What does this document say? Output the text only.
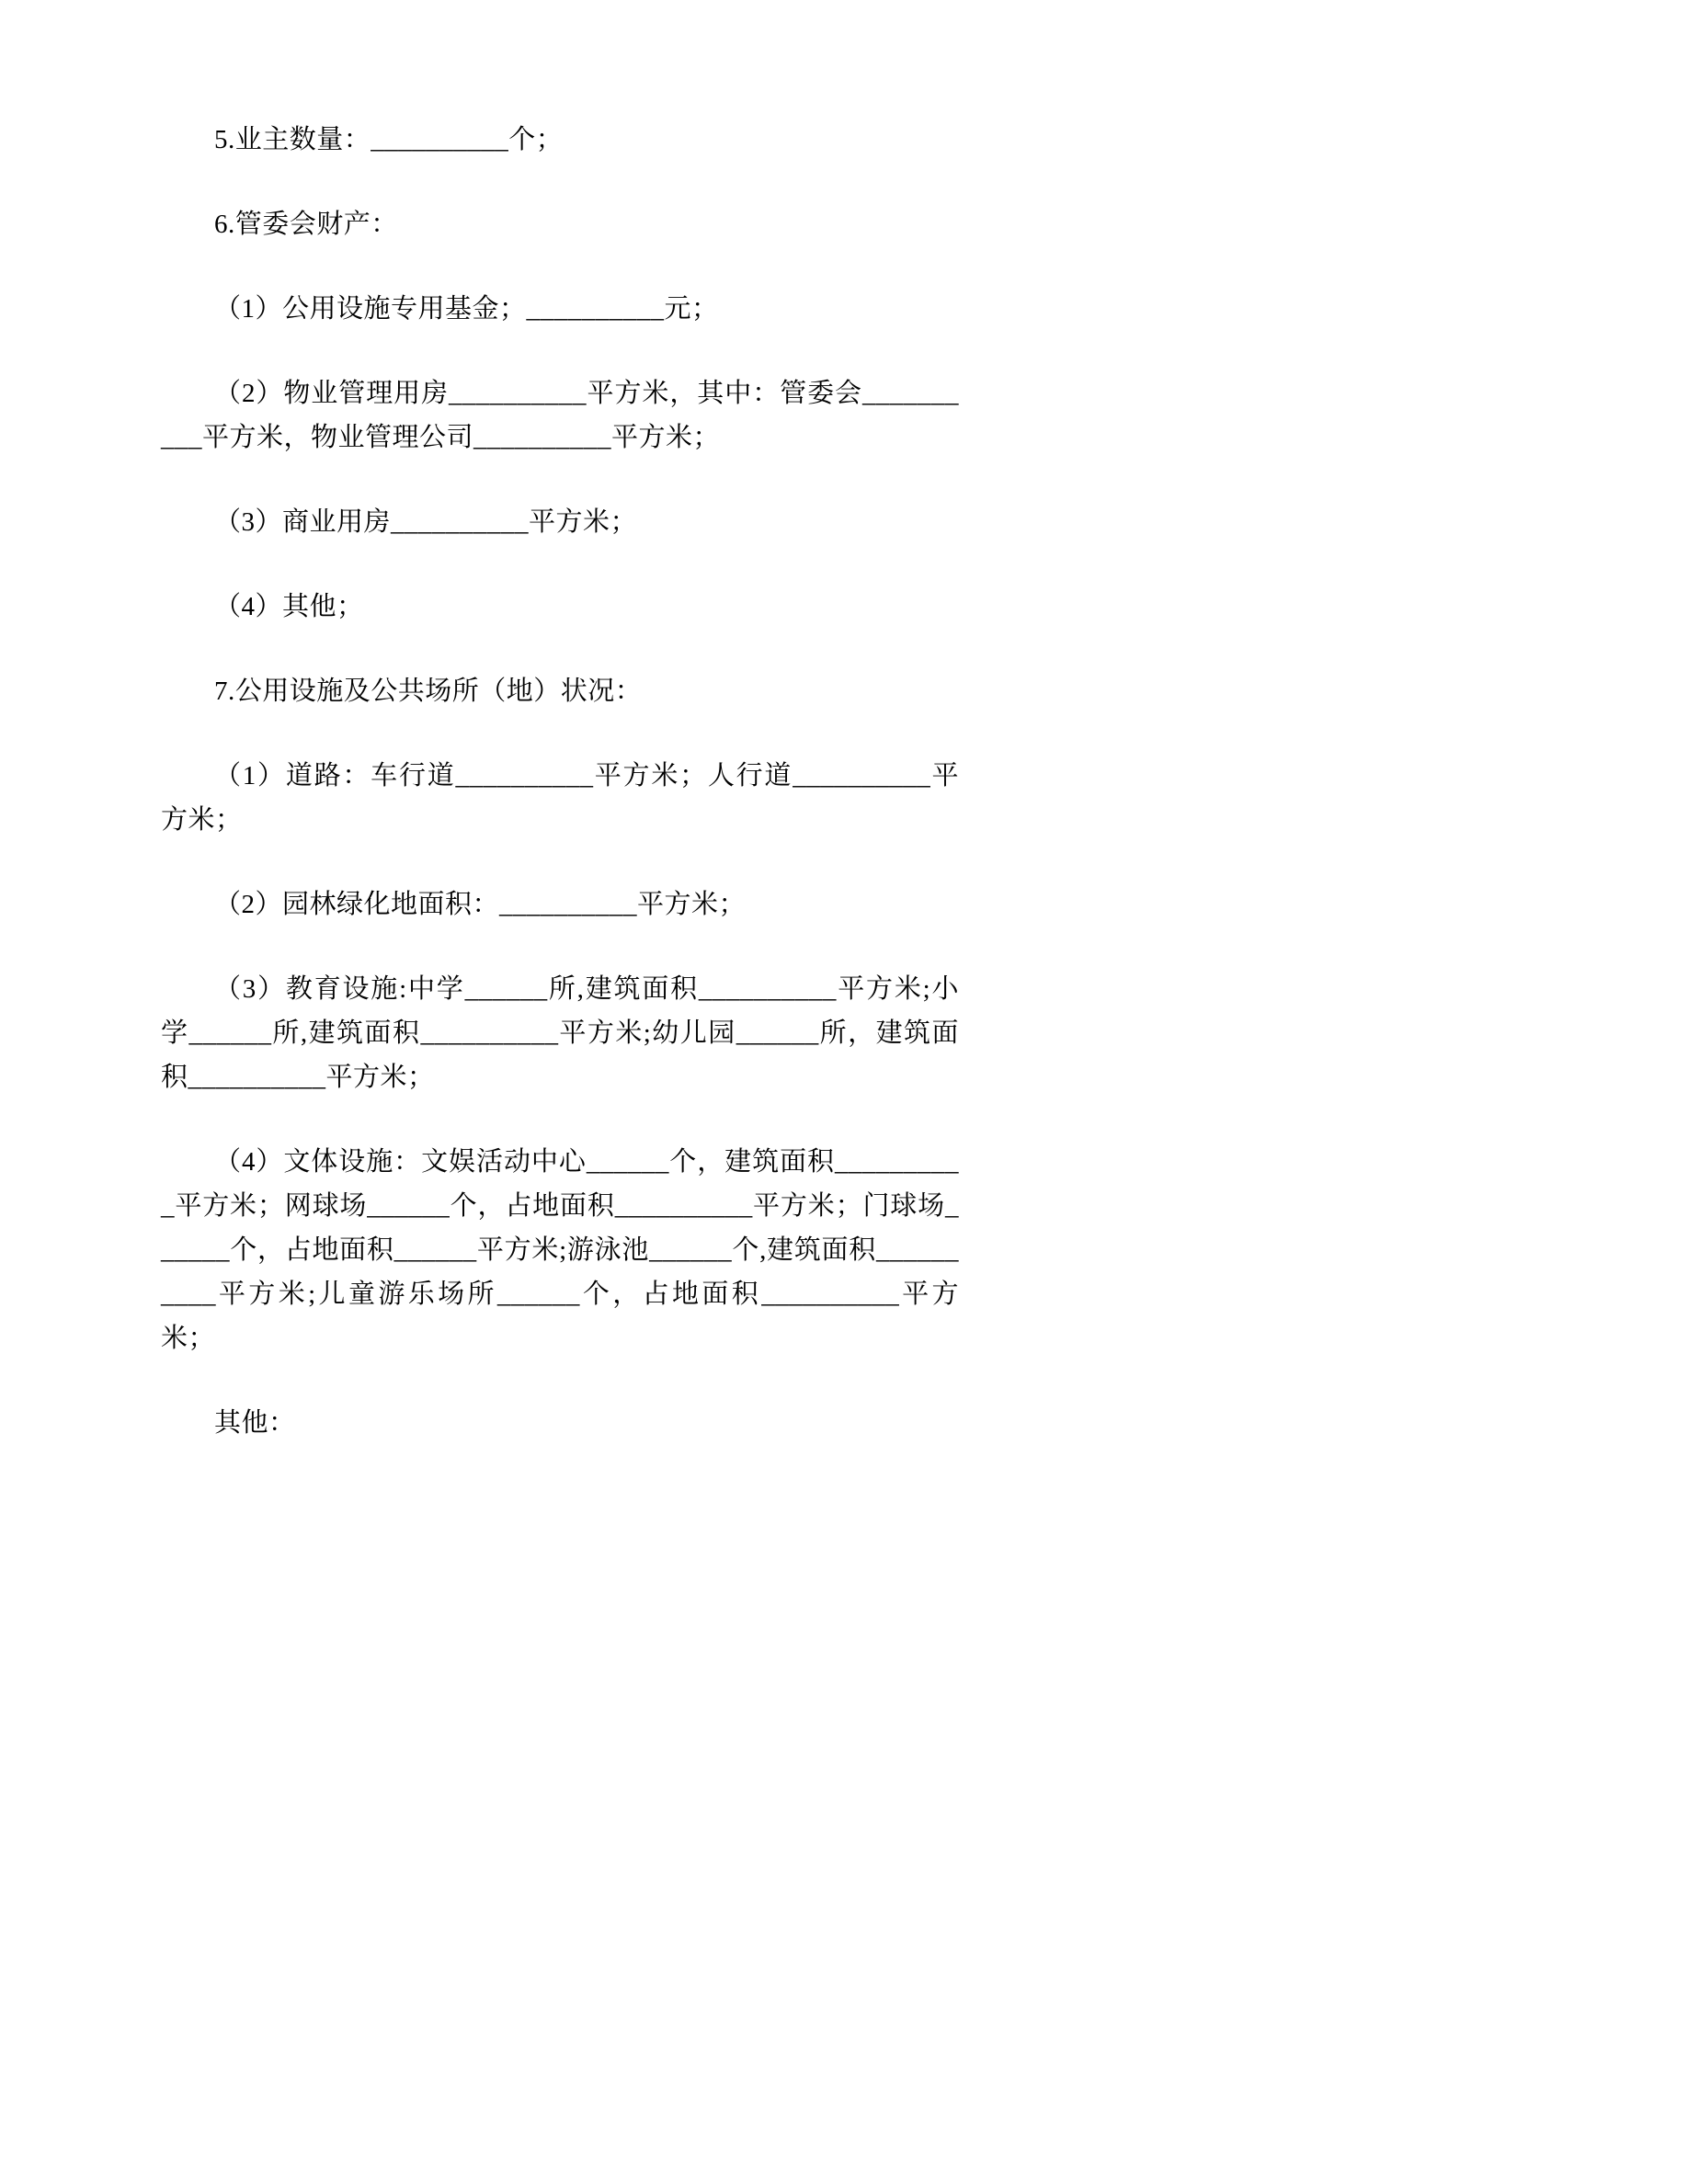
5.业主数量：__________个；

6.管委会财产：

（1）公用设施专用基金；__________元；

（2）物业管理用房__________平方米，其中：管委会__________平方米，物业管理公司__________平方米；

（3）商业用房__________平方米；

（4）其他；

7.公用设施及公共场所（地）状况：

（1）道路：车行道__________平方米；人行道__________平方米；

（2）园林绿化地面积：__________平方米；

（3）教育设施:中学______所,建筑面积__________平方米;小学______所,建筑面积__________平方米;幼儿园______所，建筑面积__________平方米；

（4）文体设施：文娱活动中心______个，建筑面积__________平方米；网球场______个，占地面积__________平方米；门球场______个，占地面积______平方米;游泳池______个,建筑面积__________平方米;儿童游乐场所______个，占地面积__________平方米；

其他：
